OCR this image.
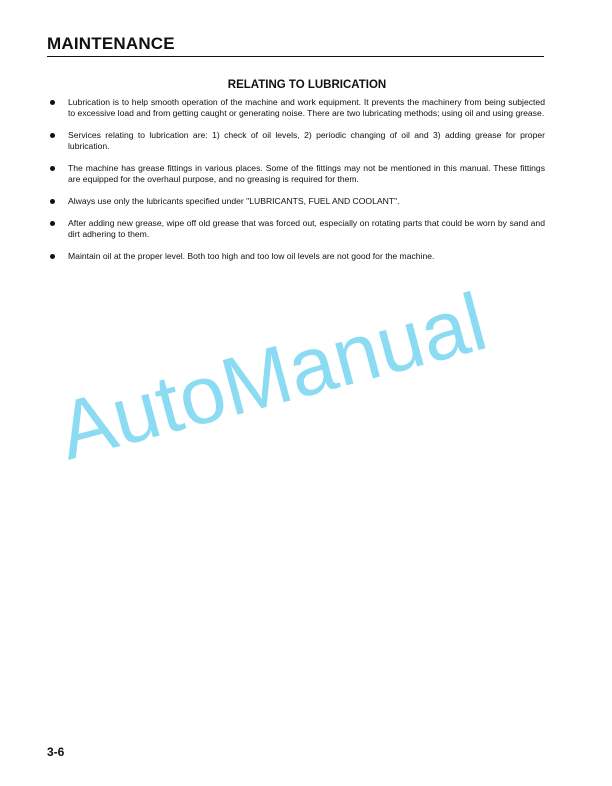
MAINTENANCE
RELATING TO LUBRICATION
Lubrication is to help smooth operation of the machine and work equipment. It prevents the machinery from being subjected to excessive load and from getting caught or generating noise. There are two lubricating methods; using oil and using grease.
Services relating to lubrication are: 1) check of oil levels, 2) periodic changing of oil and 3) adding grease for proper lubrication.
The machine has grease fittings in various places. Some of the fittings may not be mentioned in this manual. These fittings are equipped for the overhaul purpose, and no greasing is required for them.
Always use only the lubricants specified under "LUBRICANTS, FUEL AND COOLANT".
After adding new grease, wipe off old grease that was forced out, especially on rotating parts that could be worn by sand and dirt adhering to them.
Maintain oil at the proper level. Both too high and too low oil levels are not good for the machine.
AutoManual

3-6
